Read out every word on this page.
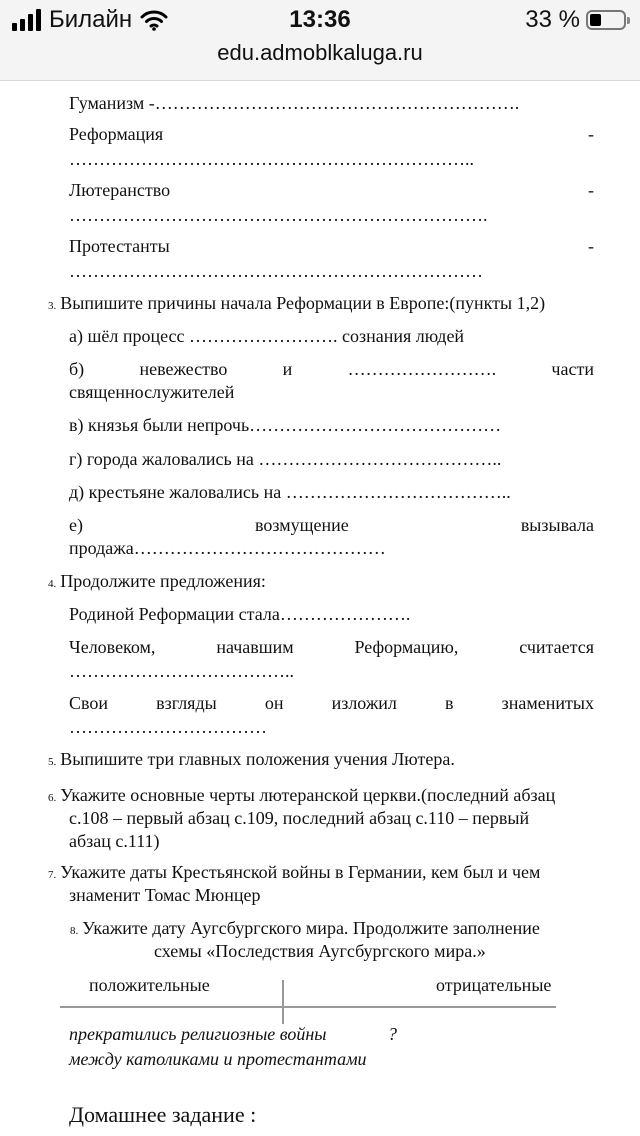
Билайн	13:36	33 %
edu.admoblkaluga.ru
Гуманизм -…………………………………………………….
Реформация	-
…………………………………………………………..
Лютеранство	-
…………………………………………………………….
Протестанты	-
……………………………………………………………
3. Выпишите причины начала Реформации в Европе:(пункты 1,2)
а) шёл процесс ……………………. сознания людей
б)	невежество	и	…………………….	части
священнослужителей
в) князья были непрочь……………………………………
г) города жаловались на …………………………………..
д) крестьяне жаловались на ………………………………..
е)	возмущение	вызывала
продажа……………………………………
4. Продолжите предложения:
Родиной Реформации стала………………….
Человеком,	начавшим	Реформацию,	считается
………………………………..
Свои	взгляды	он	изложил	в	знаменитых
……………………………
5. Выпишите три главных положения учения Лютера.
6. Укажите основные черты лютеранской церкви.(последний абзац
с.108 – первый абзац с.109, последний абзац с.110 – первый
абзац с.111)
7. Укажите даты Крестьянской войны в Германии, кем был и чем
знаменит Томас Мюнцер
8. Укажите дату Аугсбургского мира. Продолжите заполнение
схемы «Последствия Аугсбургского мира.»
положительные	отрицательные
прекратились религиозные войны	?
между католиками и протестантами
Домашнее задание :
